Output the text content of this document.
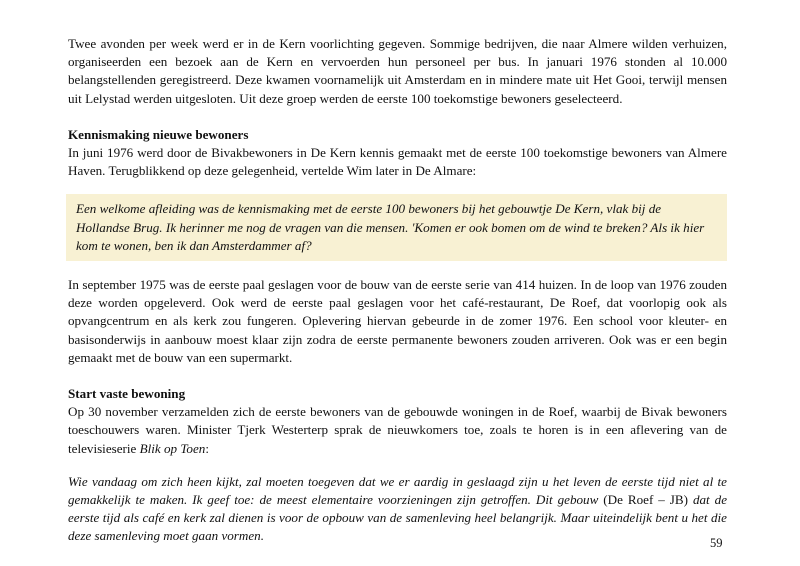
Twee avonden per week werd er in de Kern voorlichting gegeven. Sommige bedrijven, die naar Almere wilden verhuizen, organiseerden een bezoek aan de Kern en vervoerden hun personeel per bus. In januari 1976 stonden al 10.000 belangstellenden geregistreerd. Deze kwamen voornamelijk uit Amsterdam en in mindere mate uit Het Gooi, terwijl mensen uit Lelystad werden uitgesloten. Uit deze groep werden de eerste 100 toekomstige bewoners geselecteerd.

Kennismaking nieuwe bewoners

In juni 1976 werd door de Bivakbewoners in De Kern kennis gemaakt met de eerste 100 toekomstige bewoners van Almere Haven. Terugblikkend op deze gelegenheid, vertelde Wim later in De Almare:

Een welkome afleiding was de kennismaking met de eerste 100 bewoners bij het gebouwtje De Kern, vlak bij de Hollandse Brug. Ik herinner me nog de vragen van die mensen. 'Komen er ook bomen om de wind te breken? Als ik hier kom te wonen, ben ik dan Amsterdammer af?

In september 1975 was de eerste paal geslagen voor de bouw van de eerste serie van 414 huizen. In de loop van 1976 zouden deze worden opgeleverd. Ook werd de eerste paal geslagen voor het café-restaurant, De Roef, dat voorlopig ook als opvangcentrum en als kerk zou fungeren. Oplevering hiervan gebeurde in de zomer 1976. Een school voor kleuter- en basisonderwijs in aanbouw moest klaar zijn zodra de eerste permanente bewoners zouden arriveren. Ook was er een begin gemaakt met de bouw van een supermarkt.

Start vaste bewoning

Op 30 november verzamelden zich de eerste bewoners van de gebouwde woningen in de Roef, waarbij de Bivak bewoners toeschouwers waren. Minister Tjerk Westerterp sprak de nieuwkomers toe, zoals te horen is in een aflevering van de televisieserie Blik op Toen:

Wie vandaag om zich heen kijkt, zal moeten toegeven dat we er aardig in geslaagd zijn u het leven de eerste tijd niet al te gemakkelijk te maken. Ik geef toe: de meest elementaire voorzieningen zijn getroffen. Dit gebouw (De Roef – JB) dat de eerste tijd als café en kerk zal dienen is voor de opbouw van de samenleving heel belangrijk. Maar uiteindelijk bent u het die deze samenleving moet gaan vormen.	59
